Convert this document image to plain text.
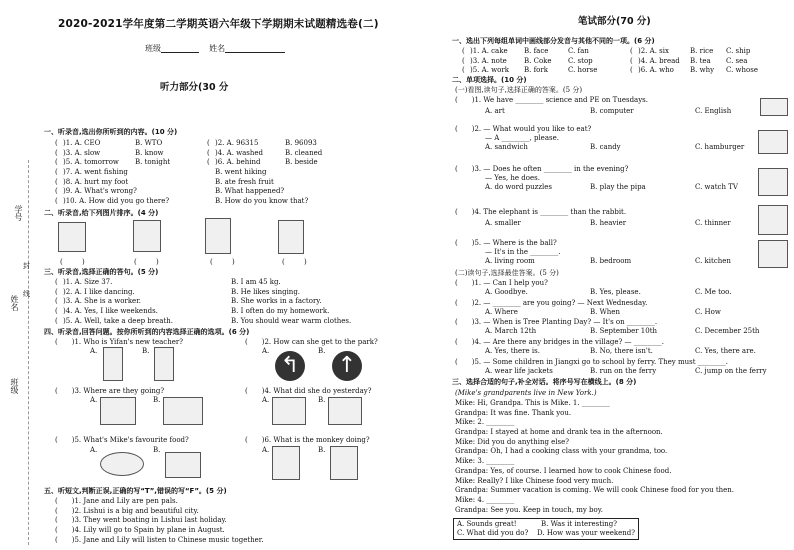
学号
姓名
班级
封
线
2020-2021学年度第二学期英语六年级下学期期末试题精选卷(二)
班级	姓名
听力部分(30 分
一、听录音,选出你所听到的内容。(10 分)
( )1. A. CEO	B. WTO	( )2. A. 96315	B. 96093
( )3. A. slow	B. know	( )4. A. washed	B. cleaned
( )5. A. tomorrow	B. tonight	( )6. A. behind	B. beside
( )7. A. went fishing	B. went hiking
( )8. A. hurt my foot	B. ate fresh fruit
( )9. A. What's wrong?	B. What happened?
( )10. A. How did you go there?	B. How do you know that?
二、听录音,给下列图片排序。(4 分)
(	)	(	)	(	)	(	)
三、听录音,选择正确的答句。(5 分)
( )1. A. Size 37.	B. I am 45 kg.
( )2. A. I like dancing.	B. He likes singing.
( )3. A. She is a worker.	B. She works in a factory.
( )4. A. Yes, I like weekends.	B. I often do my homework.
( )5. A. Well, take a deep breath.	B. You should wear warm clothes.
四、听录音,回答问题。按你所听到的内容选择正确的选项。(6 分)
(　　)1. Who is Yifan's new teacher?	(　　)2. How can she get to the park?
A.	B.	A.
↰
B.
↑
(　　)3. Where are they going?	(　　)4. What did she do yesterday?
A.	B.	A.	B.
(　　)5. What's Mike's favourite food?	(　　)6. What is the monkey doing?
A.	B.	A.	B.
五、听短文,判断正误,正确的写“T”,错误的写“F”。(5 分)
(　　)1. Jane and Lily are pen pals.
(　　)2. Lishui is a big and beautiful city.
(　　)3. They went boating in Lishui last holiday.
(　　)4. Lily will go to Spain by plane in August.
(　　)5. Jane and Lily will listen to Chinese music together.
笔试部分(70 分)
一、选出下列每组单词中画线部分发音与其他不同的一项。(6 分)
( )1. A. cake	B. face	C. fan	( )2. A. six	B. rice	C. ship
( )3. A. note	B. Coke	C. stop	( )4. A. bread	B. tea	C. sea
( )5. A. work	B. fork	C. horse	( )6. A. who	B. why	C. whose
二、单项选择。(10 分)
(一)看图,读句子,选择正确的答案。(5 分)
(　　)1. We have ________ science and PE on Tuesdays.
A. art	B. computer	C. English
(　　)2. — What would you like to eat?
— A ________, please.
A. sandwich	B. candy	C. hamburger
(　　)3. — Does he often ________ in the evening?
— Yes, he does.
A. do word puzzles	B. play the pipa	C. watch TV
(　　)4. The elephant is ________ than the rabbit.
A. smaller	B. heavier	C. thinner
(　　)5. — Where is the ball?
— It's in the ________.
A. living room	B. bedroom	C. kitchen
(二)读句子,选择最佳答案。(5 分)
(　　)1. — Can I help you?
A. Goodbye.	B. Yes, please.	C. Me too.
(　　)2. — ________ are you going? — Next Wednesday.
A. Where	B. When	C. How
(　　)3. — When is Tree Planting Day? — It's on ________.
A. March 12th	B. September 10th	C. December 25th
(　　)4. — Are there any bridges in the village? — ________.
A. Yes, there is.	B. No, there isn't.	C. Yes, there are.
(　　)5. — Some children in Jiangxi go to school by ferry. They must ________.
A. wear life jackets	B. run on the ferry	C. jump on the ferry
三、选择合适的句子,补全对话。将序号写在横线上。(8 分)
(Mike's grandparents live in New York.)
Mike: Hi, Grandpa. This is Mike. 1. ________
Grandpa: It was fine. Thank you.
Mike: 2. ________
Grandpa: I stayed at home and drank tea in the afternoon.
Mike: Did you do anything else?
Grandpa: Oh, I had a cooking class with your grandma, too.
Mike: 3. ________
Grandpa: Yes, of course. I learned how to cook Chinese food.
Mike: Really? I like Chinese food very much.
Grandpa: Summer vacation is coming. We will cook Chinese food for you then.
Mike: 4. ________
Grandpa: See you. Keep in touch, my boy.
A. Sounds great!	B. Was it interesting?
C. What did you do?	D. How was your weekend?
